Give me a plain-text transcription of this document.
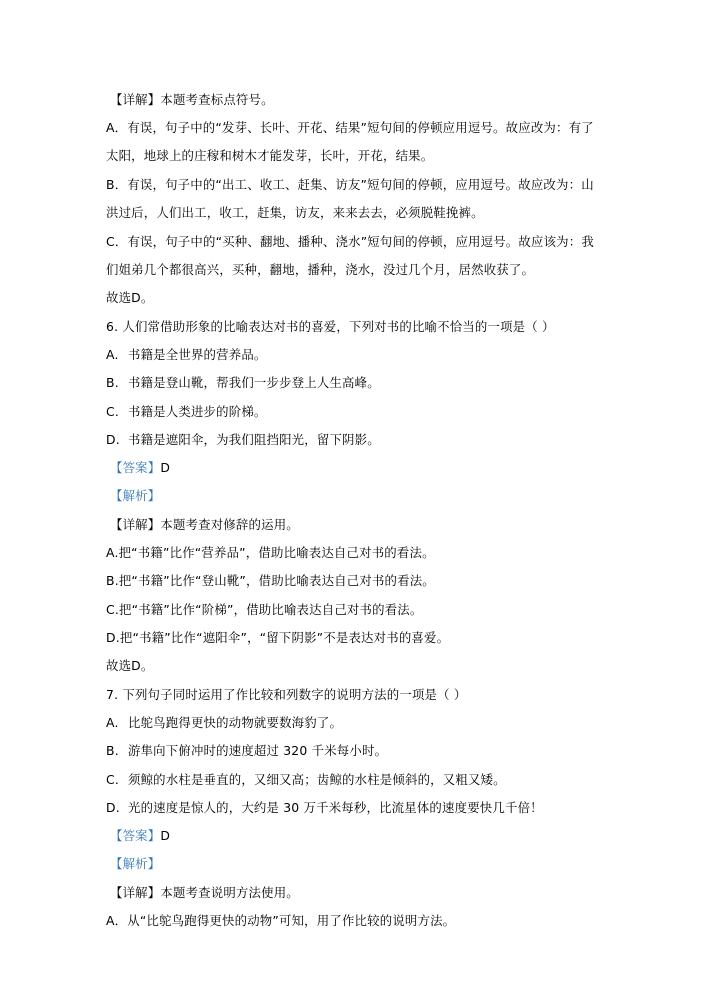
【详解】本题考查标点符号。
A．有误，句子中的“发芽、长叶、开花、结果”短句间的停顿应用逗号。故应改为：有了
太阳，地球上的庄稼和树木才能发芽，长叶，开花，结果。
B．有误，句子中的“出工、收工、赶集、访友”短句间的停顿，应用逗号。故应改为：山
洪过后，人们出工，收工，赶集，访友，来来去去，必须脱鞋挽裤。
C．有误，句子中的“买种、翻地、播种、浇水”短句间的停顿，应用逗号。故应该为：我
们姐弟几个都很高兴，买种，翻地，播种，浇水，没过几个月，居然收获了。
故选D。
6. 人们常借助形象的比喻表达对书的喜爱，下列对书的比喻不恰当的一项是（ ）
A. 书籍是全世界的营养品。
B. 书籍是登山靴，帮我们一步步登上人生高峰。
C. 书籍是人类进步的阶梯。
D. 书籍是遮阳伞，为我们阻挡阳光，留下阴影。
【答案】D
【解析】
【详解】本题考查对修辞的运用。
A.把“书籍”比作“营养品”，借助比喻表达自己对书的看法。
B.把“书籍”比作“登山靴”，借助比喻表达自己对书的看法。
C.把“书籍”比作“阶梯”，借助比喻表达自己对书的看法。
D.把“书籍”比作“遮阳伞”，“留下阴影”不是表达对书的喜爱。
故选D。
7. 下列句子同时运用了作比较和列数字的说明方法的一项是（ ）
A. 比鸵鸟跑得更快的动物就要数海豹了。
B. 游隼向下俯冲时的速度超过 320 千米每小时。
C. 须鲸的水柱是垂直的，又细又高；齿鲸的水柱是倾斜的，又粗又矮。
D. 光的速度是惊人的，大约是 30 万千米每秒，比流星体的速度要快几千倍！
【答案】D
【解析】
【详解】本题考查说明方法使用。
A．从“比鸵鸟跑得更快的动物”可知，用了作比较的说明方法。
